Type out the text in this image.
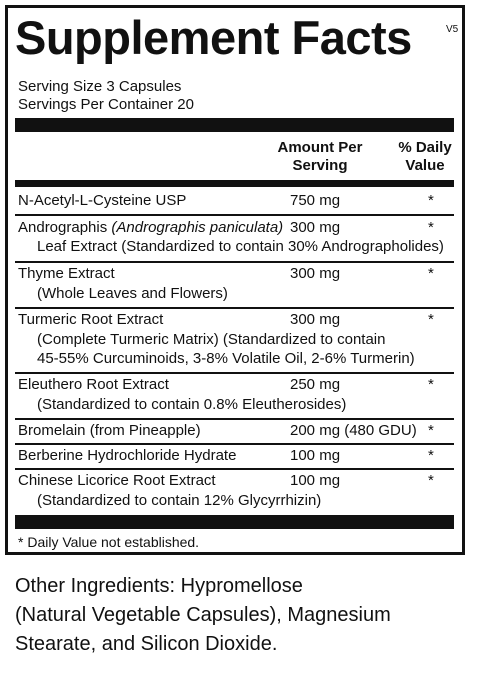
Supplement Facts	V5
Serving Size 3 Capsules
Servings Per Container 20
Amount Per
Serving
% Daily
Value
N-Acetyl-L-Cysteine USP	750 mg	*
Andrographis (Andrographis paniculata) 300 mg	*
Leaf Extract (Standardized to contain 30% Andrographolides)
Thyme Extract	300 mg	*
(Whole Leaves and Flowers)
Turmeric Root Extract	300 mg	*
(Complete Turmeric Matrix) (Standardized to contain
45-55% Curcuminoids, 3-8% Volatile Oil, 2-6% Turmerin)
Eleuthero Root Extract	250 mg	*
(Standardized to contain 0.8% Eleutherosides)
Bromelain (from Pineapple)	200 mg (480 GDU) *
Berberine Hydrochloride Hydrate	100 mg	*
Chinese Licorice Root Extract	100 mg	*
(Standardized to contain 12% Glycyrrhizin)
* Daily Value not established.
Other Ingredients: Hypromellose
(Natural Vegetable Capsules), Magnesium
Stearate, and Silicon Dioxide.
